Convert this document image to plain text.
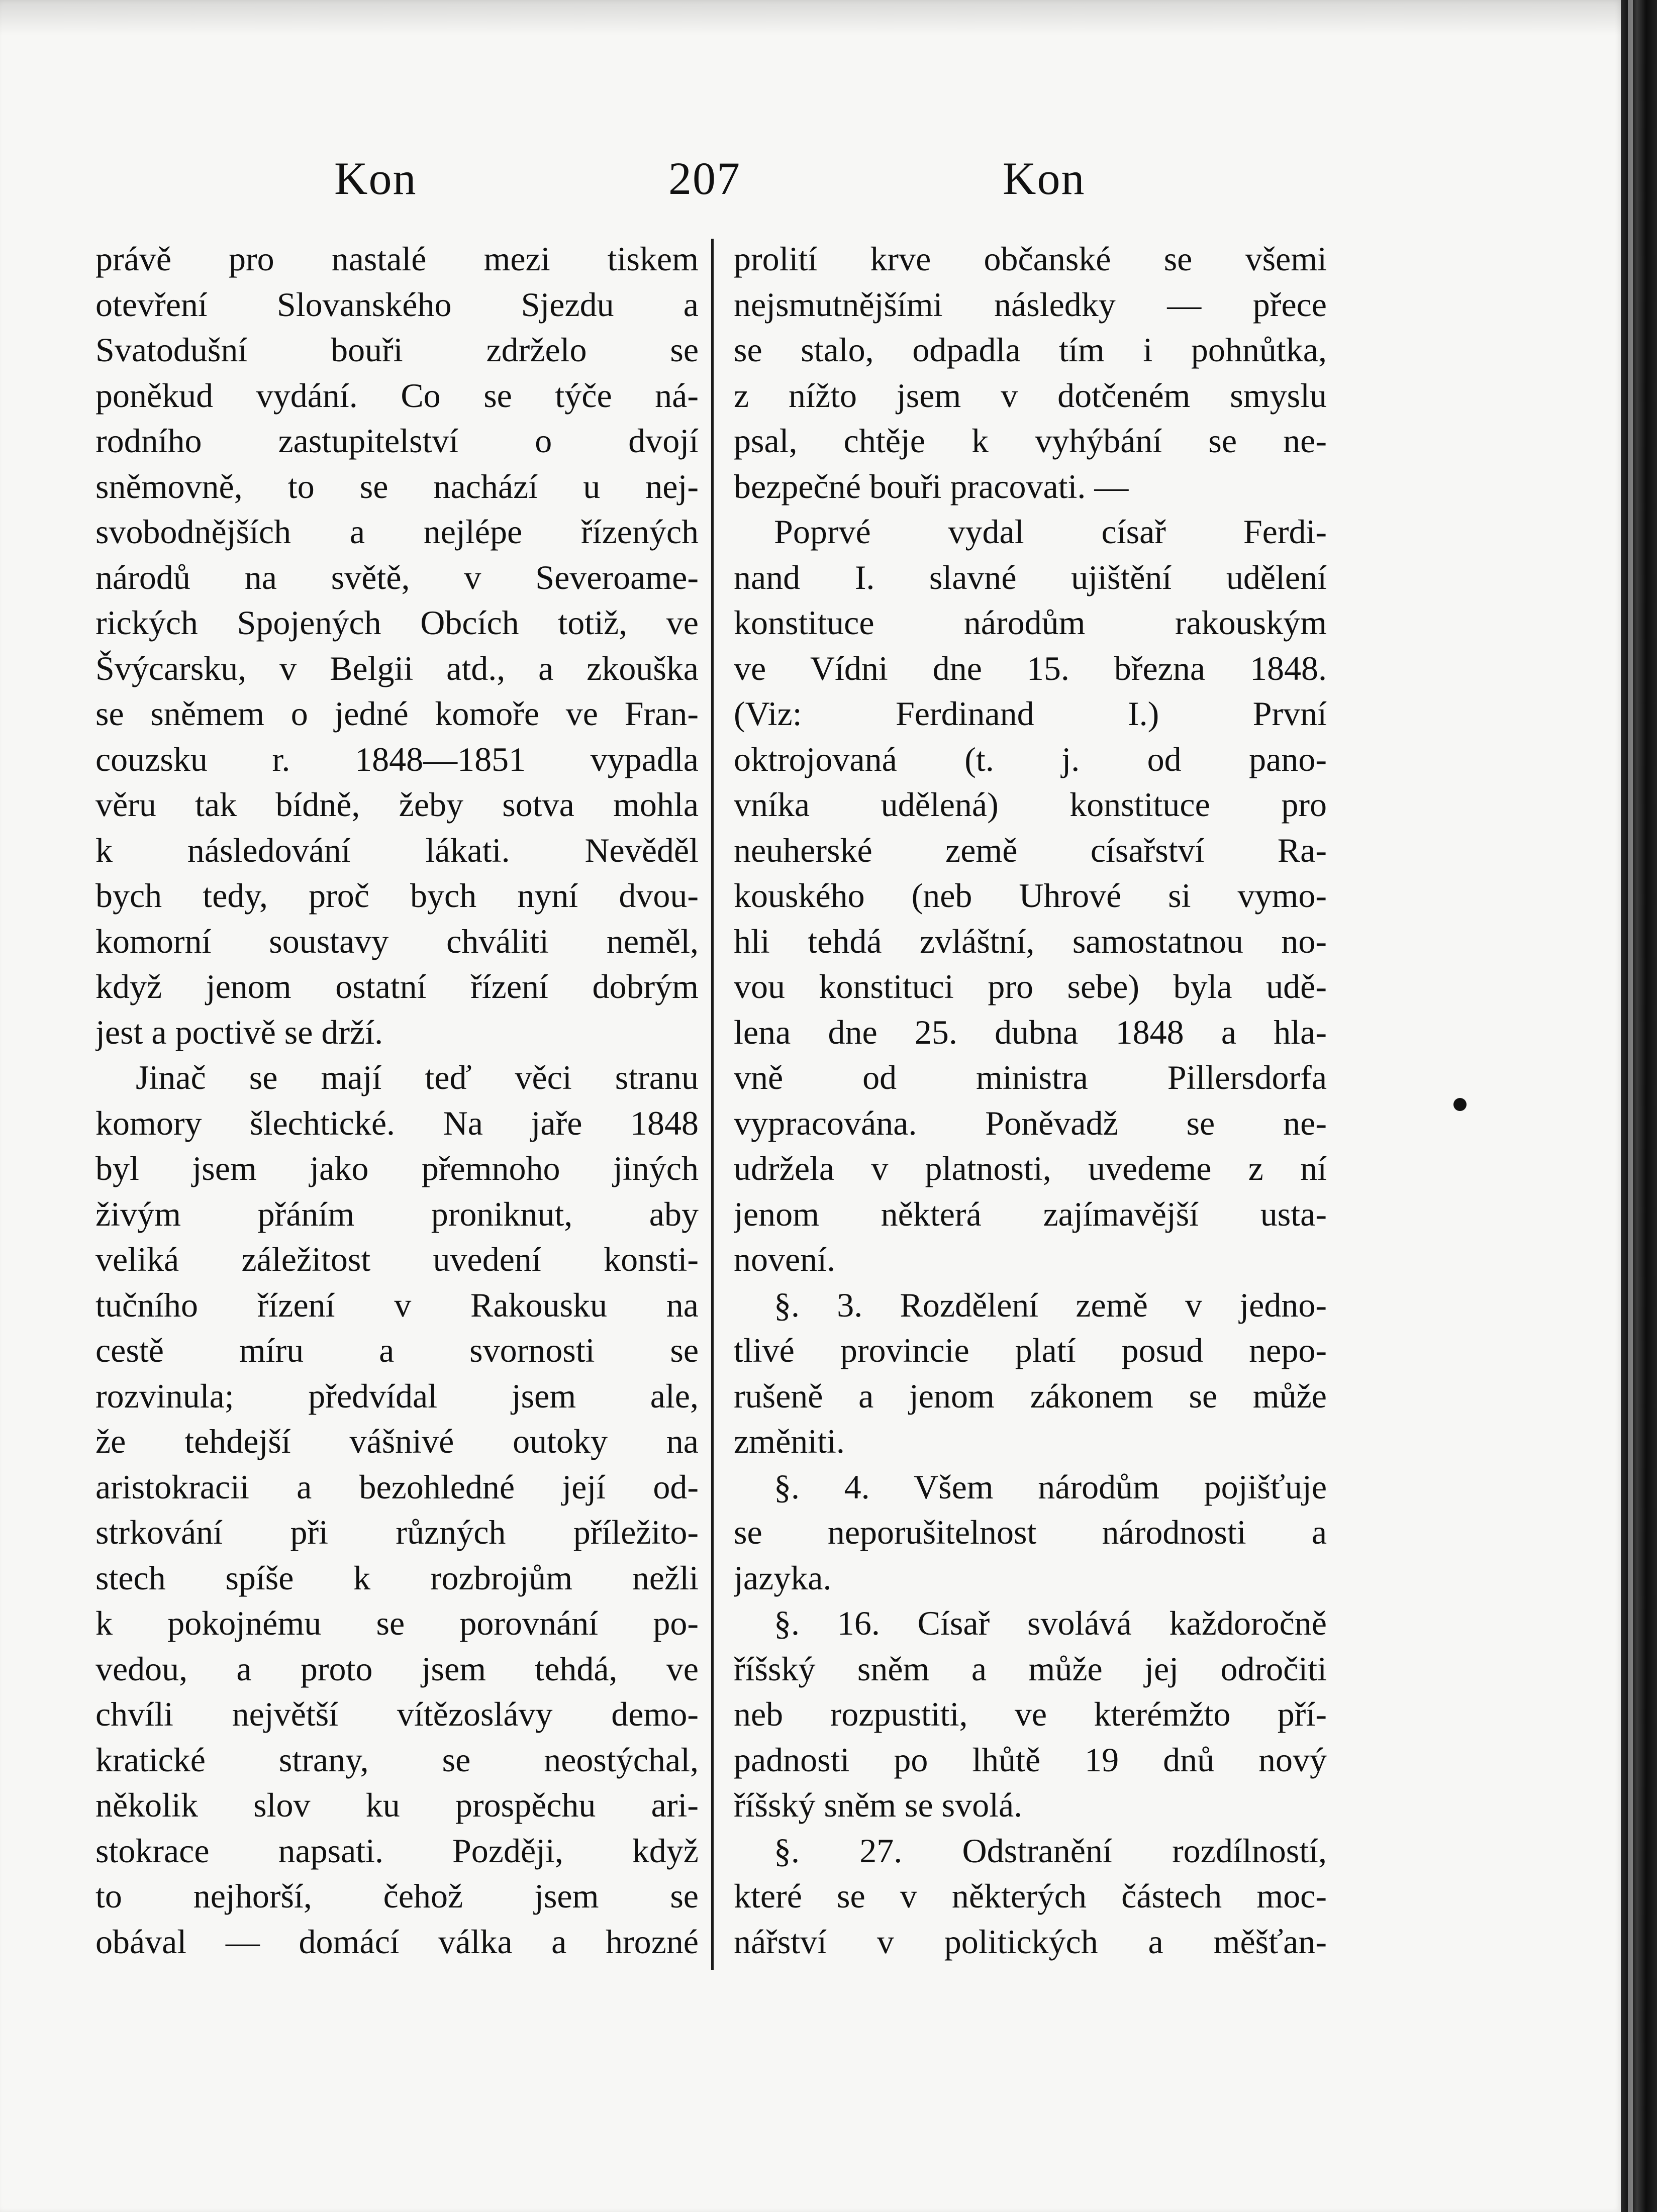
Kon	207	Kon
právě pro nastalé mezi tiskem
otevření Slovanského Sjezdu a
Svatodušní bouři zdrželo se
poněkud vydání. Co se týče ná-
rodního zastupitelství o dvojí
sněmovně, to se nachází u nej-
svobodnějších a nejlépe řízených
národů na světě, v Severoame-
rických Spojených Obcích totiž, ve
Švýcarsku, v Belgii atd., a zkouška
se sněmem o jedné komoře ve Fran-
couzsku r. 1848—1851 vypadla
věru tak bídně, žeby sotva mohla
k následování lákati. Nevěděl
bych tedy, proč bych nyní dvou-
komorní soustavy chváliti neměl,
když jenom ostatní řízení dobrým
jest a poctivě se drží.
Jinač se mají teď věci stranu
komory šlechtické. Na jaře 1848
byl jsem jako přemnoho jiných
živým přáním proniknut, aby
veliká záležitost uvedení konsti-
tučního řízení v Rakousku na
cestě míru a svornosti se
rozvinula; předvídal jsem ale,
že tehdejší vášnivé outoky na
aristokracii a bezohledné její od-
strkování při různých příležito-
stech spíše k rozbrojům nežli
k pokojnému se porovnání po-
vedou, a proto jsem tehdá, ve
chvíli největší vítězoslávy demo-
kratické strany, se neostýchal,
několik slov ku prospěchu ari-
stokrace napsati. Později, když
to nejhorší, čehož jsem se
obával — domácí válka a hrozné
prolití krve občanské se všemi
nejsmutnějšími následky — přece
se stalo, odpadla tím i pohnůtka,
z nížto jsem v dotčeném smyslu
psal, chtěje k vyhýbání se ne-
bezpečné bouři pracovati. —
Poprvé vydal císař Ferdi-
nand I. slavné ujištění udělení
konstituce národům rakouským
ve Vídni dne 15. března 1848.
(Viz: Ferdinand I.) První
oktrojovaná (t. j. od pano-
vníka udělená) konstituce pro
neuherské země císařství Ra-
kouského (neb Uhrové si vymo-
hli tehdá zvláštní, samostatnou no-
vou konstituci pro sebe) byla udě-
lena dne 25. dubna 1848 a hla-
vně od ministra Pillersdorfa
vypracována. Poněvadž se ne-
udržela v platnosti, uvedeme z ní
jenom některá zajímavější usta-
novení.
§. 3. Rozdělení země v jedno-
tlivé provincie platí posud nepo-
rušeně a jenom zákonem se může
změniti.
§. 4. Všem národům pojišťuje
se neporušitelnost národnosti a
jazyka.
§. 16. Císař svolává každoročně
říšský sněm a může jej odročiti
neb rozpustiti, ve kterémžto pří-
padnosti po lhůtě 19 dnů nový
říšský sněm se svolá.
§. 27. Odstranění rozdílností,
které se v některých částech moc-
nářství v politických a měšťan-
